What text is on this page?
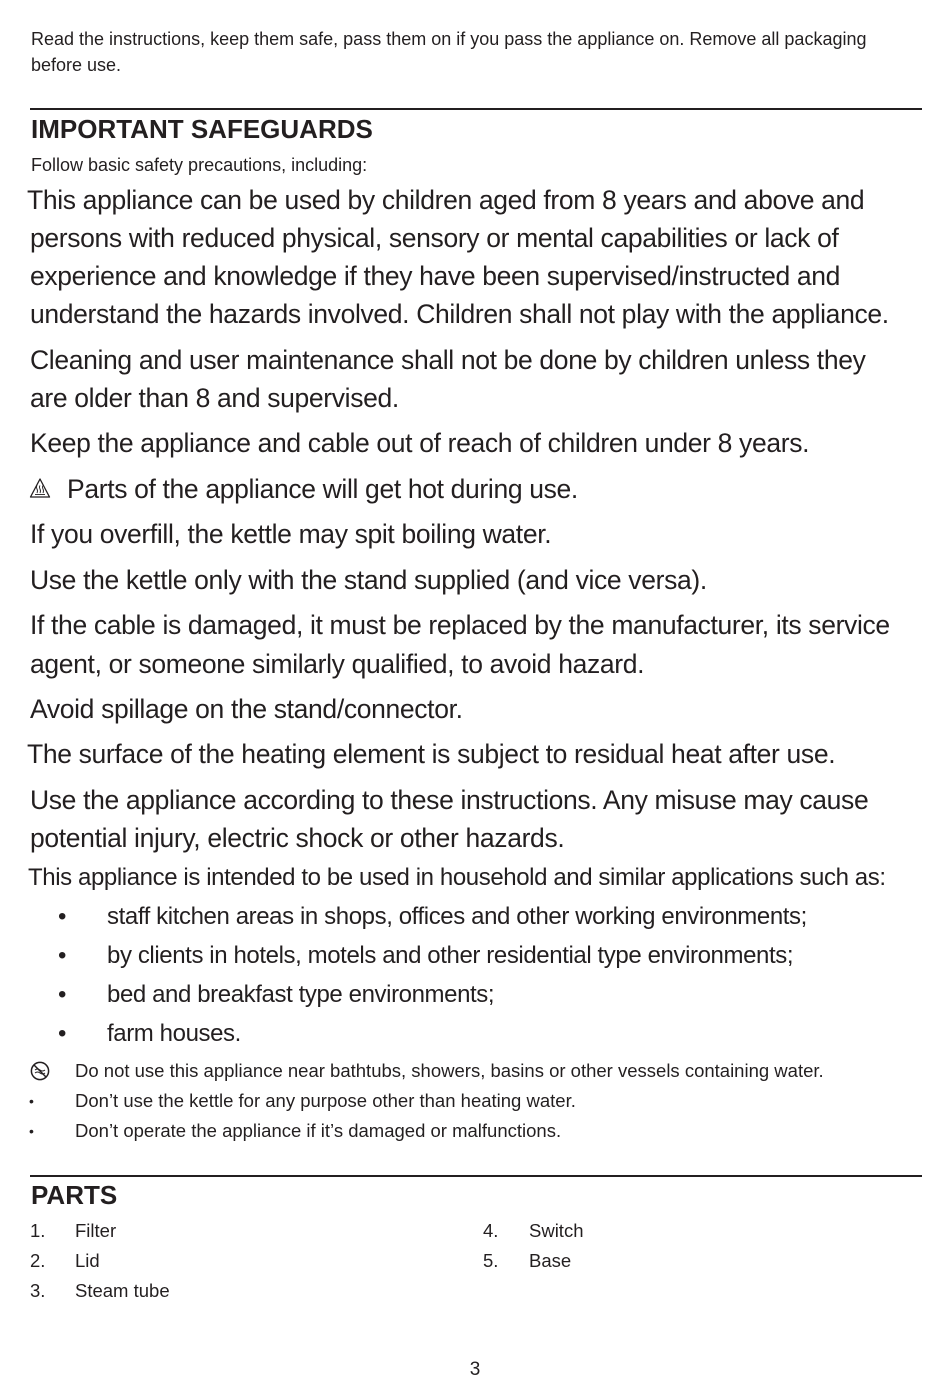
Read the instructions, keep them safe, pass them on if you pass the appliance on. Remove all packaging before use.
IMPORTANT SAFEGUARDS
Follow basic safety precautions, including:
This appliance can be used by children aged from 8 years and above and
persons with reduced physical, sensory or mental capabilities or lack of
experience and knowledge if they have been supervised/instructed and
understand the hazards involved. Children shall not play with the appliance.
Cleaning and user maintenance shall not be done by children unless they
are older than 8 and supervised.
Keep the appliance and cable out of reach of children under 8 years.
Parts of the appliance will get hot during use.
If you overfill, the kettle may spit boiling water.
Use the kettle only with the stand supplied (and vice versa).
If the cable is damaged, it must be replaced by the manufacturer, its service
agent, or someone similarly qualified, to avoid hazard.
Avoid spillage on the stand/connector.
The surface of the heating element is subject to residual heat after use.
Use the appliance according to these instructions. Any misuse may cause
potential injury, electric shock or other hazards.
This appliance is intended to be used in household and similar applications such as:
• staff kitchen areas in shops, offices and other working environments;
• by clients in hotels, motels and other residential type environments;
• bed and breakfast type environments;
• farm houses.
Do not use this appliance near bathtubs, showers, basins or other vessels containing water.
• Don’t use the kettle for any purpose other than heating water.
• Don’t operate the appliance if it’s damaged or malfunctions.
PARTS
1. Filter
2. Lid
3. Steam tube
4. Switch
5. Base
3
